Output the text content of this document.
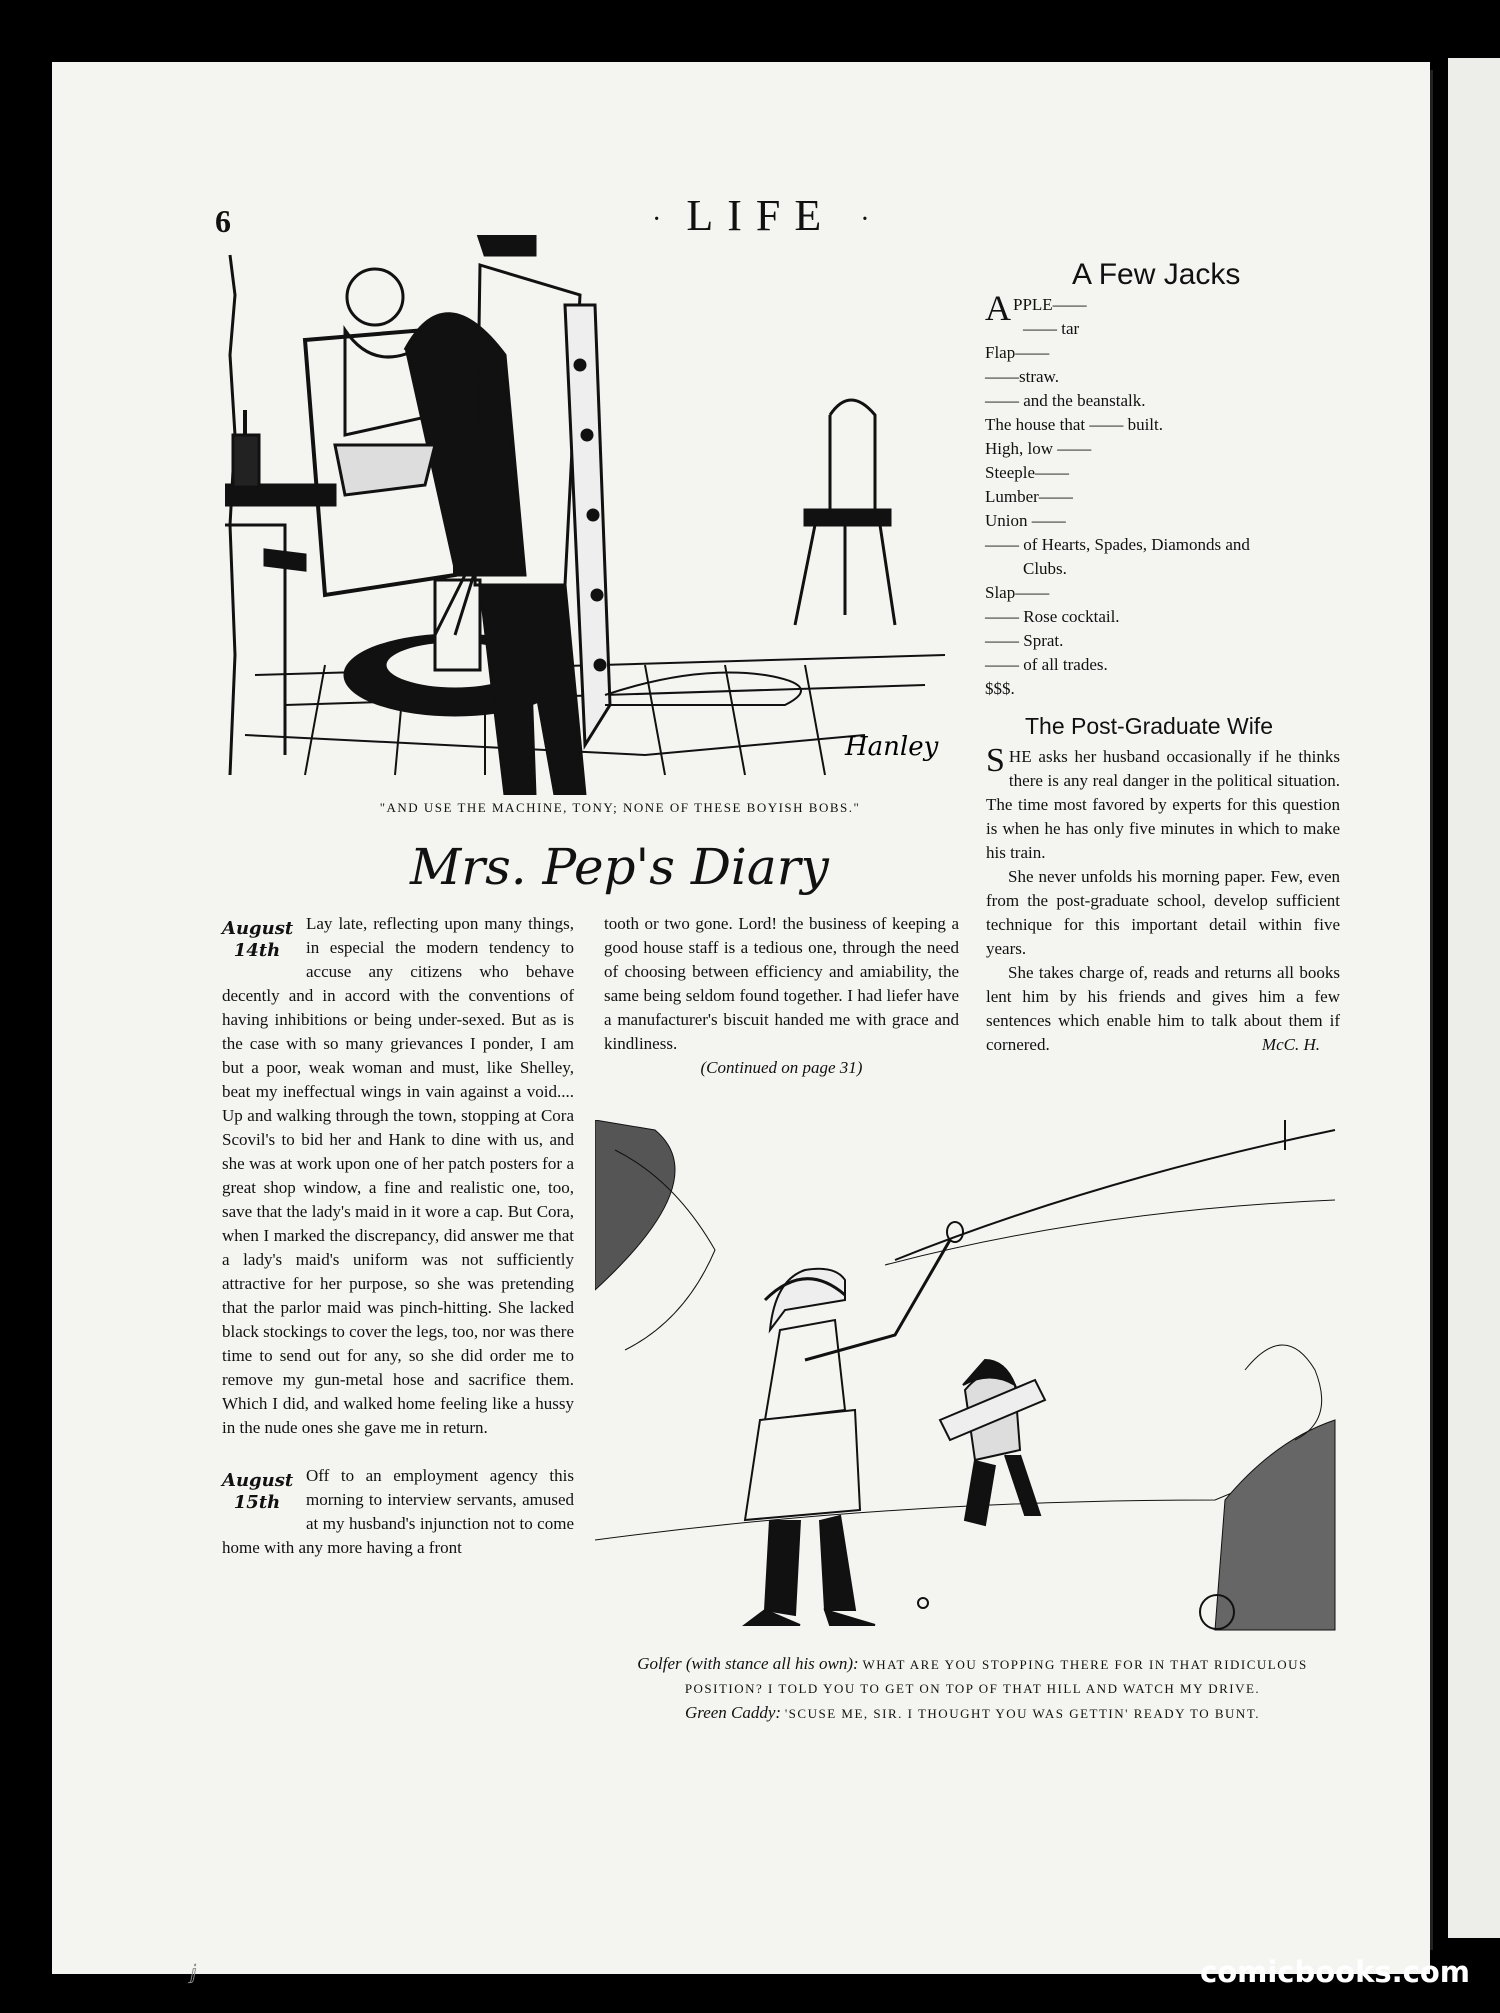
6	· LIFE ·
Hanley
"AND USE THE MACHINE, TONY; NONE OF THESE BOYISH BOBS."
A Few Jacks
APPLE——
—— tar
Flap——
——straw.
—— and the beanstalk.
The house that —— built.
High, low ——
Steeple——
Lumber——
Union ——
—— of Hearts, Spades, Diamonds and
Clubs.
Slap——
—— Rose cocktail.
—— Sprat.
—— of all trades.
$$$.
The Post-Graduate Wife

SHE asks her husband occasionally if he thinks there is any real danger in the political situation. The time most favored by experts for this question is when he has only five minutes in which to make his train.

She never unfolds his morning paper. Few, even from the post-graduate school, develop sufficient technique for this important detail within five years.

She takes charge of, reads and returns all books lent him by his friends and gives him a few sentences which enable him to talk about them if cornered.	McC. H.
Mrs. Pep's Diary

August
14th
Lay late, reflecting upon many things, in especial the modern tendency to accuse any citizens who behave decently and in accord with the conventions of having inhibitions or being under-sexed. But as is the case with so many grievances I ponder, I am but a poor, weak woman and must, like Shelley, beat my ineffectual wings in vain against a void.... Up and walking through the town, stopping at Cora Scovil's to bid her and Hank to dine with us, and she was at work upon one of her patch posters for a great shop window, a fine and realistic one, too, save that the lady's maid in it wore a cap. But Cora, when I marked the discrepancy, did answer me that a lady's maid's uniform was not sufficiently attractive for her purpose, so she was pretending that the parlor maid was pinch-hitting. She lacked black stockings to cover the legs, too, nor was there time to send out for any, so she did order me to remove my gun-metal hose and sacrifice them. Which I did, and walked home feeling like a hussy in the nude ones she gave me in return.

August
15th
Off to an employment agency this morning to interview servants, amused at my husband's injunction not to come home with any more having a front

tooth or two gone. Lord! the business of keeping a good house staff is a tedious one, through the need of choosing between efficiency and amiability, the same being seldom found together. I had liefer have a manufacturer's biscuit handed me with grace and kindliness.
(Continued on page 31)
Golfer (with stance all his own): WHAT ARE YOU STOPPING THERE FOR IN THAT RIDICULOUS POSITION? I TOLD YOU TO GET ON TOP OF THAT HILL AND WATCH MY DRIVE.
Green Caddy: 'SCUSE ME, SIR. I THOUGHT YOU WAS GETTIN' READY TO BUNT.
ⅉ	comicbooks.com
